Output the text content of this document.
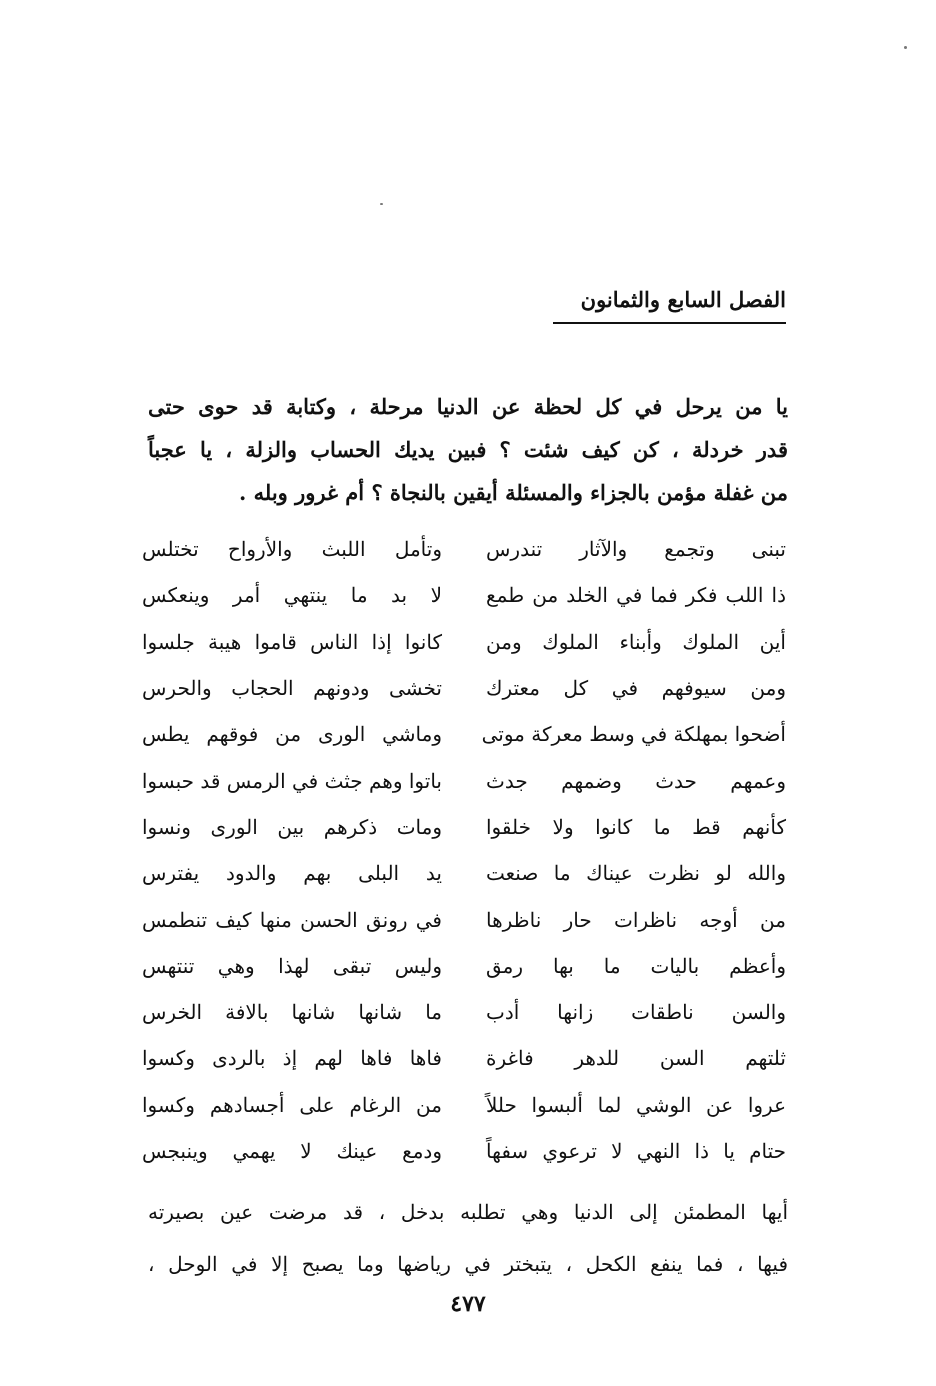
الفصل السابع والثمانون
يا من يرحل في كل لحظة عن الدنيا مرحلة ، وكتابة قد حوى حتى
قدر خردلة ، كن كيف شئت ؟ فبين يديك الحساب والزلة ، يا عجباً
من غفلة مؤمن بالجزاء والمسئلة أيقين بالنجاة ؟ أم غرور وبله .
تبنى وتجمع والآثار تندرس
وتأمل اللبث والأرواح تختلس
ذا اللب فكر فما في الخلد من طمع
لا بد ما ينتهي أمر وينعكس
أين الملوك وأبناء الملوك ومن
كانوا إذا الناس قاموا هيبة جلسوا
ومن سيوفهم في كل معترك
تخشى ودونهم الحجاب والحرس
أضحوا بمهلكة في وسط معركة موتى
وماشي الورى من فوقهم يطس
وعمهم حدث وضمهم جدث
باتوا وهم جثث في الرمس قد حبسوا
كأنهم قط ما كانوا ولا خلقوا
ومات ذكرهم بين الورى ونسوا
والله لو نظرت عيناك ما صنعت
يد البلى بهم والدود يفترس
من أوجه ناظرات حار ناظرها
في رونق الحسن منها كيف تنطمس
وأعظم باليات ما بها رمق
وليس تبقى لهذا وهي تنتهس
والسن ناطقات زانها أدب
ما شانها شانها بالافة الخرس
ثلتهم السن للدهر فاغرة
فاها فاها لهم إذ بالردى وكسوا
عروا عن الوشي لما ألبسوا حللاً
من الرغام على أجسادهم وكسوا
حتام يا ذا النهي لا ترعوي سفهاً
ودمع عينك لا يهمي وينبجس
أيها المطمئن إلى الدنيا وهي تطلبه بدخل ، قد مرضت عين بصيرته
فيها ، فما ينفع الكحل ، يتبختر في رياضها وما يصبح إلا في الوحل ،
٤٧٧
